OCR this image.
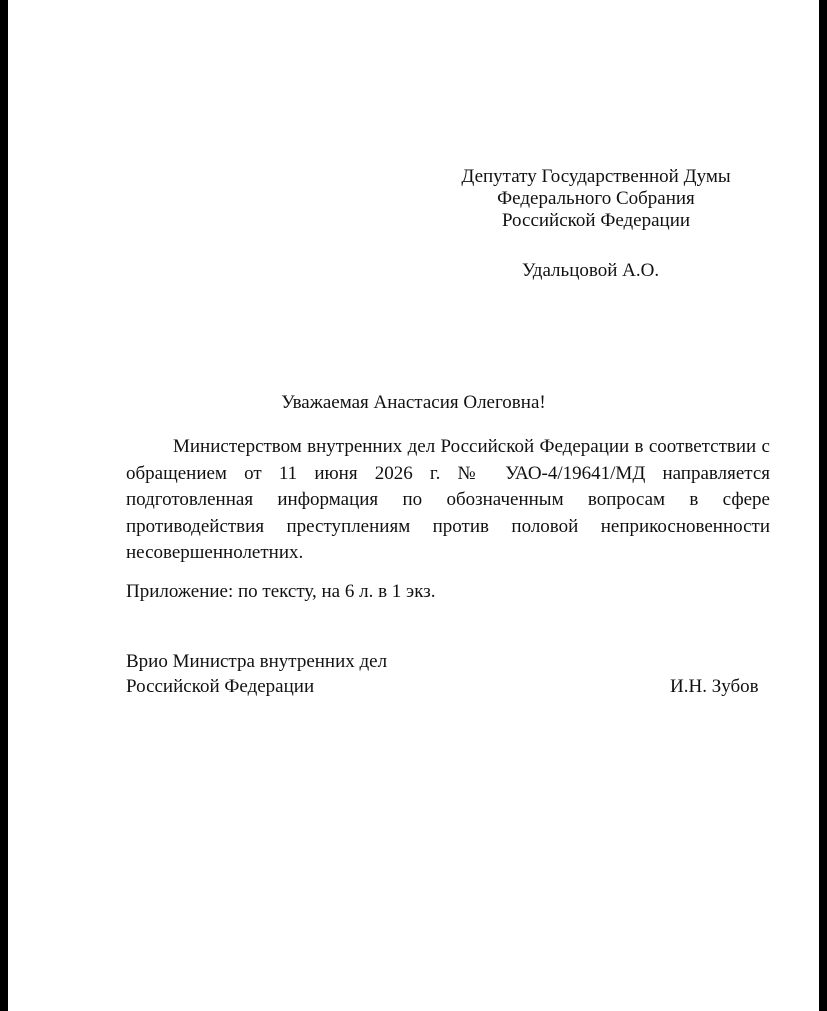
Депутату Государственной Думы
Федерального Собрания
Российской Федерации
Удальцовой А.О.
Уважаемая Анастасия Олеговна!

Министерством внутренних дел Российской Федерации в соответствии с обращением от 11 июня 2026 г. № УАО-4/19641/МД направляется подготовленная информация по обозначенным вопросам в сфере противодействия преступлениям против половой неприкосновенности несовершеннолетних.

Приложение: по тексту, на 6 л. в 1 экз.
Врио Министра внутренних дел
Российской Федерации	И.Н. Зубов
